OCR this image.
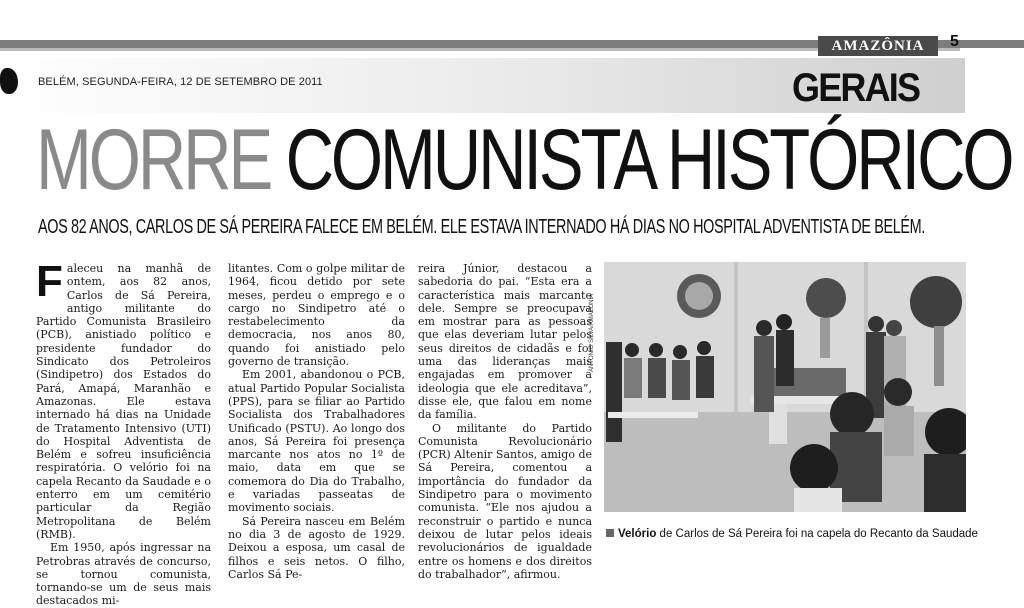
AMAZÔNIA	5
BELÉM, SEGUNDA-FEIRA, 12 DE SETEMBRO DE 2011	GERAIS
MORRE COMUNISTA HISTÓRICO
AOS 82 ANOS, CARLOS DE SÁ PEREIRA FALECE EM BELÉM. ELE ESTAVA INTERNADO HÁ DIAS NO HOSPITAL ADVENTISTA DE BELÉM.
F aleceu na manhã de ontem, aos 82 anos, Carlos de Sá Pereira, antigo militante do Partido Comunista Brasileiro (PCB), anistiado político e presidente fundador do Sindicato dos Petroleiros (Sindipetro) dos Estados do Pará, Amapá, Maranhão e Amazonas. Ele estava internado há dias na Unidade de Tratamento Intensivo (UTI) do Hospital Adventista de Belém e sofreu insuficiência respiratória. O velório foi na capela Recanto da Saudade e o enterro em um cemitério particular da Região Metropolitana de Belém (RMB).

Em 1950, após ingressar na Petrobras através de concurso, se tornou comunista, tornando-se um de seus mais destacados mi-

litantes. Com o golpe militar de 1964, ficou detido por sete meses, perdeu o emprego e o cargo no Sindipetro até o restabelecimento da democracia, nos anos 80, quando foi anistiado pelo governo de transição.

Em 2001, abandonou o PCB, atual Partido Popular Socialista (PPS), para se filiar ao Partido Socialista dos Trabalhadores Unificado (PSTU). Ao longo dos anos, Sá Pereira foi presença marcante nos atos no 1º de maio, data em que se comemora do Dia do Trabalho, e variadas passeatas de movimento sociais.

Sá Pereira nasceu em Belém no dia 3 de agosto de 1929. Deixou a esposa, um casal de filhos e seis netos. O filho, Carlos Sá Pe-

reira Júnior, destacou a sabedoria do pai. “Esta era a característica mais marcante dele. Sempre se preocupava em mostrar para as pessoas que elas deveriam lutar pelos seus direitos de cidadãs e foi uma das lideranças mais engajadas em promover a ideologia que ele acreditava”, disse ele, que falou em nome da família.

O militante do Partido Comunista Revolucionário (PCR) Altenir Santos, amigo de Sá Pereira, comentou a importância do fundador da Sindipetro para o movimento comunista. “Ele nos ajudou a reconstruir o partido e nunca deixou de lutar pelos ideais revolucionários de igualdade entre os homens e dos direitos do trabalhador”, afirmou.

ANTÔNIO SILVA/AMAZÔNIA
Velório de Carlos de Sá Pereira foi na capela do Recanto da Saudade
